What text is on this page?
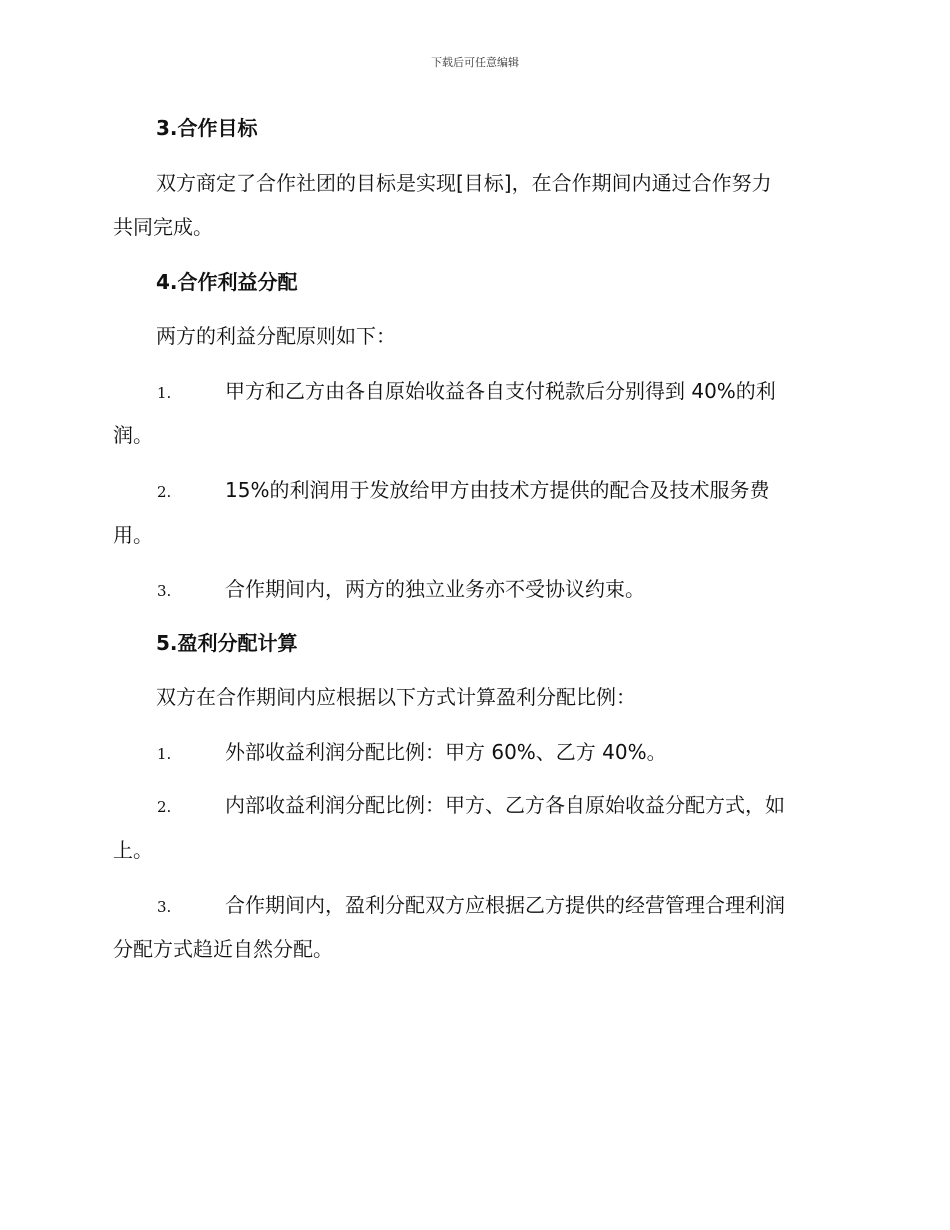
下载后可任意编辑
3.合作目标
双方商定了合作社团的目标是实现[目标]，在合作期间内通过合作努力
共同完成。
4.合作利益分配
两方的利益分配原则如下：
1.	甲方和乙方由各自原始收益各自支付税款后分别得到 40%的利
润。
2.	15%的利润用于发放给甲方由技术方提供的配合及技术服务费
用。
3.	合作期间内，两方的独立业务亦不受协议约束。
5.盈利分配计算
双方在合作期间内应根据以下方式计算盈利分配比例：
1.	外部收益利润分配比例：甲方 60%、乙方 40%。
2.	内部收益利润分配比例：甲方、乙方各自原始收益分配方式，如
上。
3.	合作期间内，盈利分配双方应根据乙方提供的经营管理合理利润
分配方式趋近自然分配。
